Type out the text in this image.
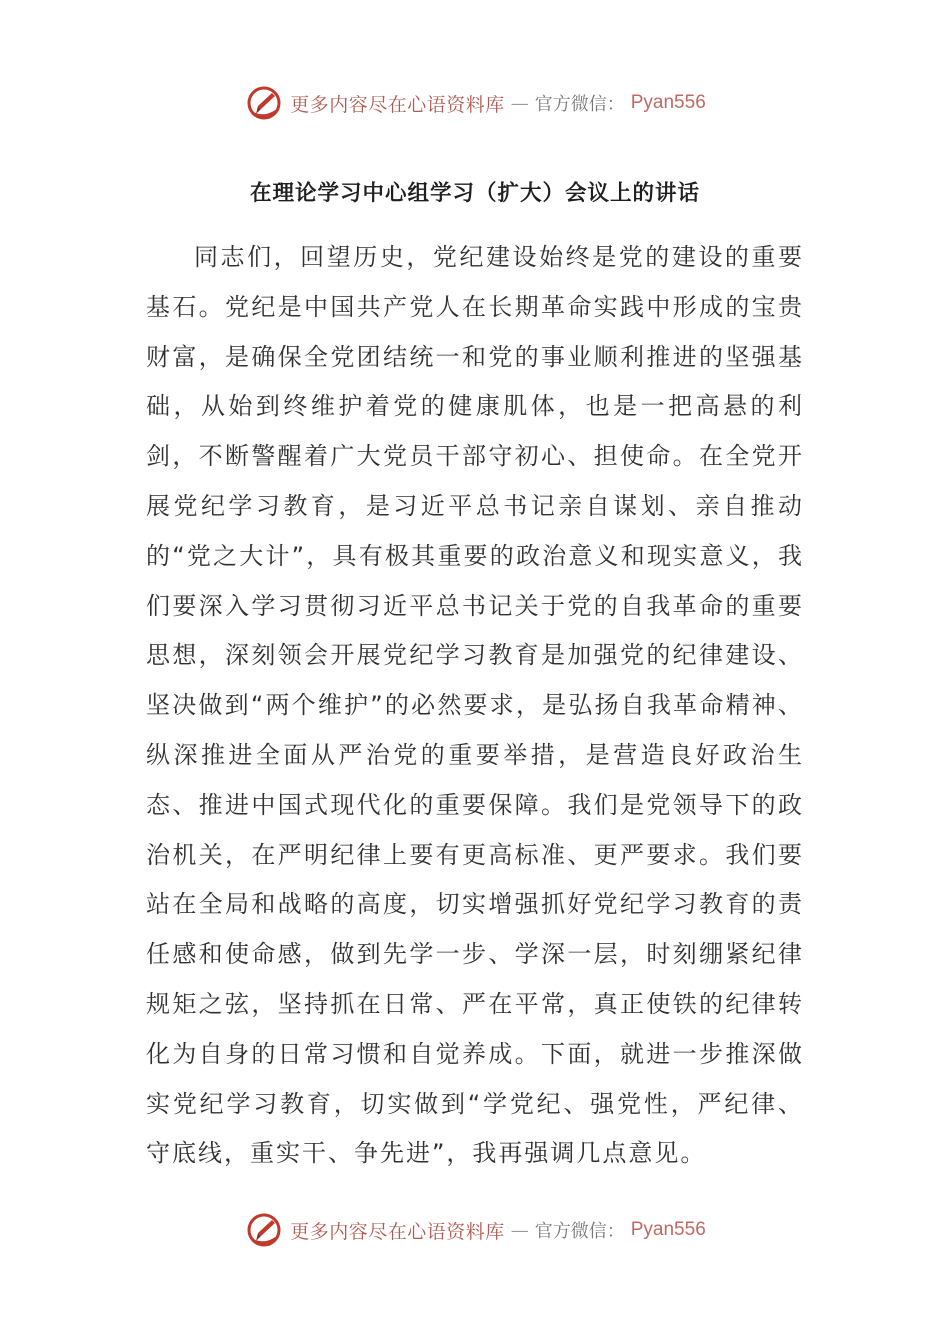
更多内容尽在心语资料库 — 官方微信： Pyan556
在理论学习中心组学习（扩大）会议上的讲话

同志们，回望历史，党纪建设始终是党的建设的重要基石。党纪是中国共产党人在长期革命实践中形成的宝贵财富，是确保全党团结统一和党的事业顺利推进的坚强基础，从始到终维护着党的健康肌体，也是一把高悬的利剑，不断警醒着广大党员干部守初心、担使命。在全党开展党纪学习教育，是习近平总书记亲自谋划、亲自推动的“党之大计”，具有极其重要的政治意义和现实意义，我们要深入学习贯彻习近平总书记关于党的自我革命的重要思想，深刻领会开展党纪学习教育是加强党的纪律建设、坚决做到“两个维护”的必然要求，是弘扬自我革命精神、纵深推进全面从严治党的重要举措，是营造良好政治生态、推进中国式现代化的重要保障。我们是党领导下的政治机关，在严明纪律上要有更高标准、更严要求。我们要站在全局和战略的高度，切实增强抓好党纪学习教育的责任感和使命感，做到先学一步、学深一层，时刻绷紧纪律规矩之弦，坚持抓在日常、严在平常，真正使铁的纪律转化为自身的日常习惯和自觉养成。下面，就进一步推深做实党纪学习教育，切实做到“学党纪、强党性，严纪律、守底线，重实干、争先进”，我再强调几点意见。

更多内容尽在心语资料库 — 官方微信： Pyan556
